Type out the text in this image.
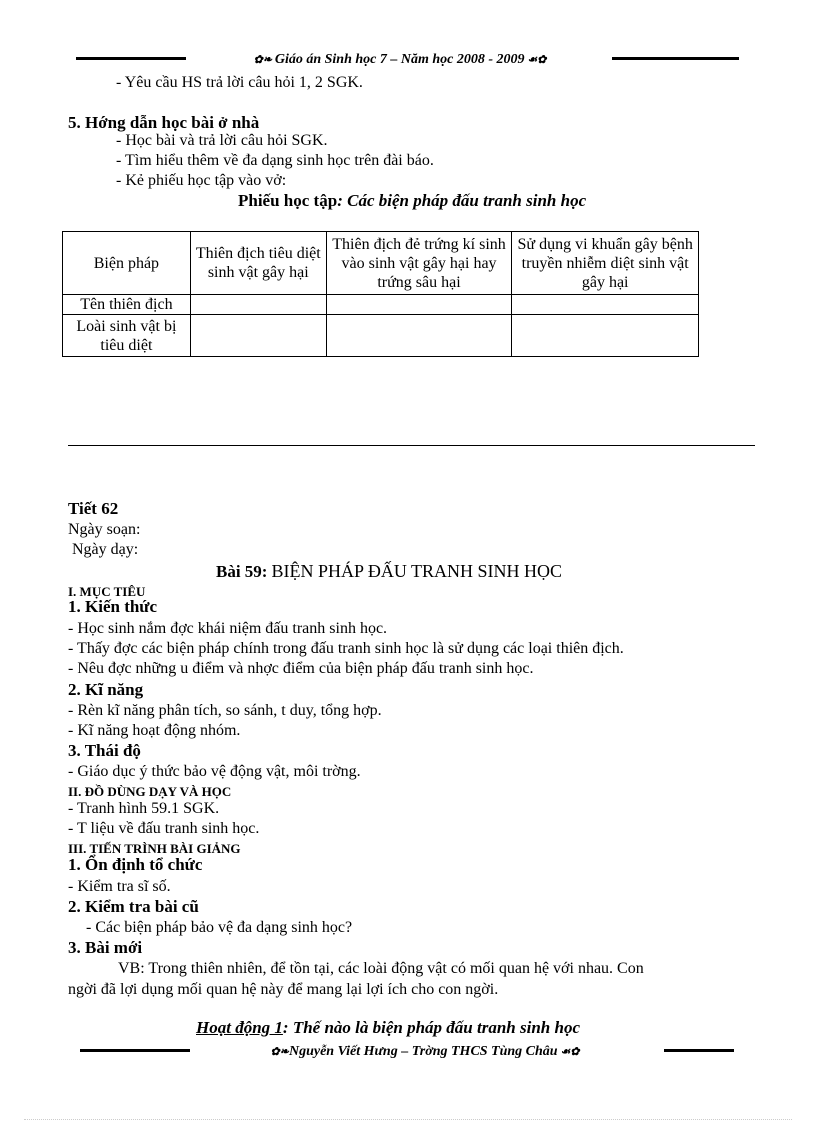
✿❧ Giáo án Sinh học 7 – Năm học 2008 - 2009 ☙✿
- Yêu cầu HS trả lời câu hỏi 1, 2 SGK.
5. Hớng dẫn học bài ở nhà
- Học bài và trả lời câu hỏi SGK.
- Tìm hiểu thêm về đa dạng sinh học trên đài báo.
- Kẻ phiếu học tập vào vở:
Phiếu học tập: Các biện pháp đấu tranh sinh học
Biện pháp	Thiên địch tiêu diệt sinh vật gây hại	Thiên địch đẻ trứng kí sinh vào sinh vật gây hại hay trứng sâu hại	Sử dụng vi khuẩn gây bệnh truyền nhiễm diệt sinh vật gây hại
Tên thiên địch			
Loài sinh vật bị tiêu diệt			
Tiết 62
Ngày soạn:
Ngày dạy:
Bài 59: BIỆN PHÁP ĐẤU TRANH SINH HỌC
I. MỤC TIÊU
1. Kiến thức
- Học sinh nắm đợc khái niệm đấu tranh sinh học.
- Thấy đợc các biện pháp chính trong đấu tranh sinh học là sử dụng các loại thiên địch.
- Nêu đợc những u điểm và nhợc điểm của biện pháp đấu tranh sinh học.
2. Kĩ năng
- Rèn kĩ năng phân tích, so sánh, t duy, tổng hợp.
- Kĩ năng hoạt động nhóm.
3. Thái độ
- Giáo dục ý thức bảo vệ động vật, môi trờng.
II. ĐỒ DÙNG DẠY VÀ HỌC
- Tranh hình 59.1 SGK.
- T liệu về đấu tranh sinh học.
III. TIẾN TRÌNH BÀI GIẢNG
1. Ổn định tổ chức
- Kiểm tra sĩ số.
2. Kiểm tra bài cũ
- Các biện pháp bảo vệ đa dạng sinh học?
3. Bài mới
VB: Trong thiên nhiên, để tồn tại, các loài động vật có mối quan hệ với nhau. Con
ngời đã lợi dụng mối quan hệ này để mang lại lợi ích cho con ngời.
Hoạt động 1: Thế nào là biện pháp đấu tranh sinh học
✿❧Nguyễn Viết Hưng – Trờng THCS Tùng Châu ☙✿
